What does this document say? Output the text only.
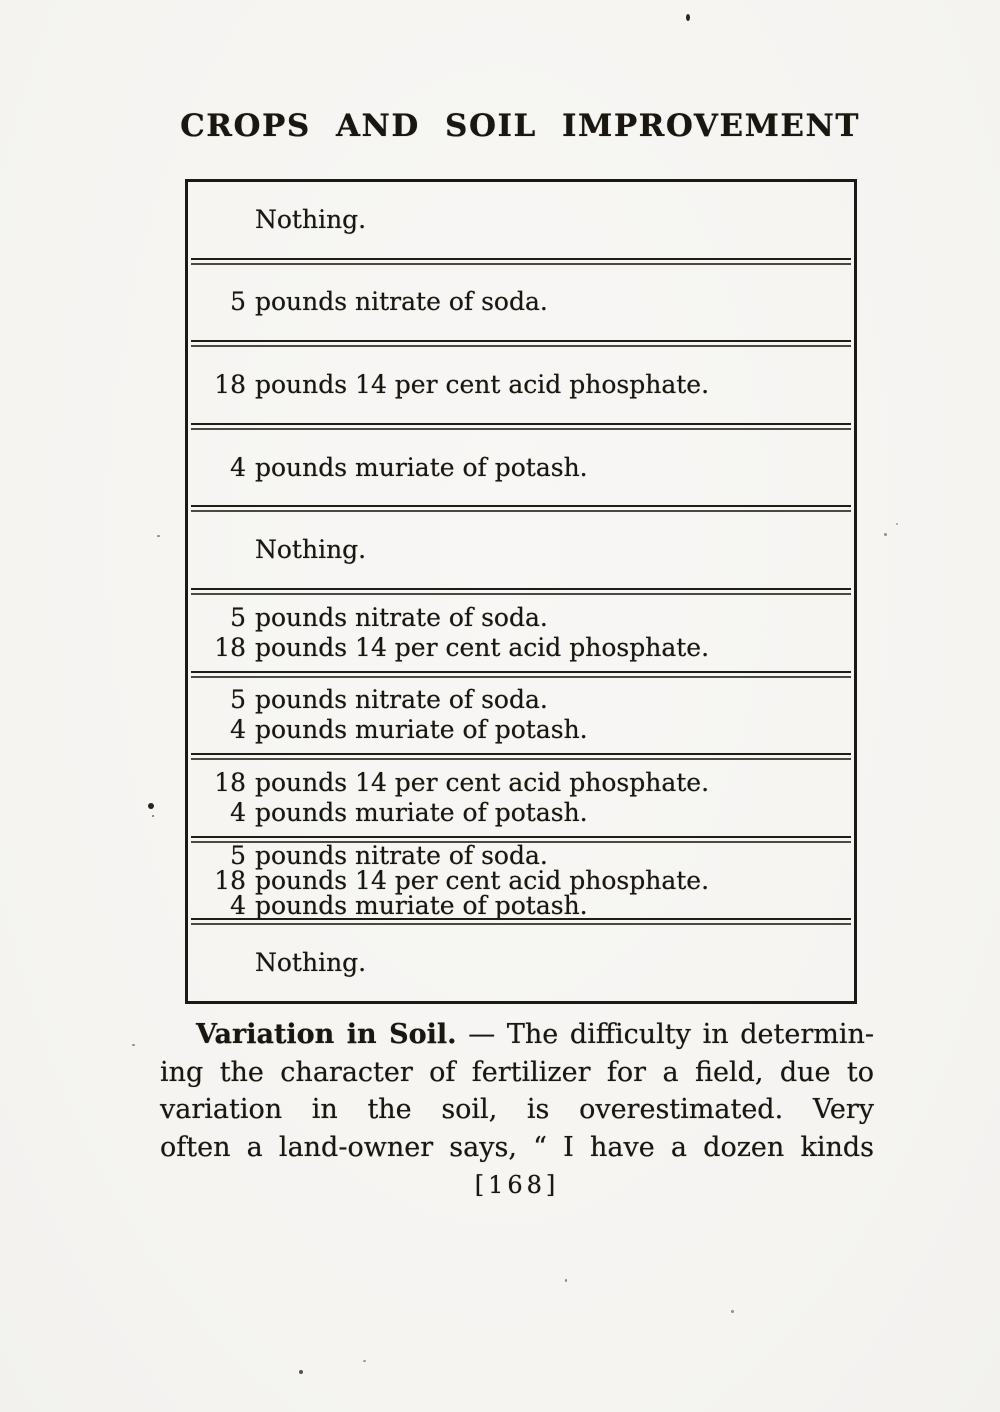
CROPS AND SOIL IMPROVEMENT
Nothing.
5 pounds nitrate of soda.
18 pounds 14 per cent acid phosphate.
4 pounds muriate of potash.
Nothing.
5 pounds nitrate of soda.
18 pounds 14 per cent acid phosphate.
5 pounds nitrate of soda.
4 pounds muriate of potash.
18 pounds 14 per cent acid phosphate.
4 pounds muriate of potash.
5 pounds nitrate of soda.
18 pounds 14 per cent acid phosphate.
4 pounds muriate of potash.
Nothing.
Variation in Soil. — The difficulty in determin-
ing the character of fertilizer for a field, due to
variation in the soil, is overestimated. Very
often a land-owner says, “ I have a dozen kinds
[168]
